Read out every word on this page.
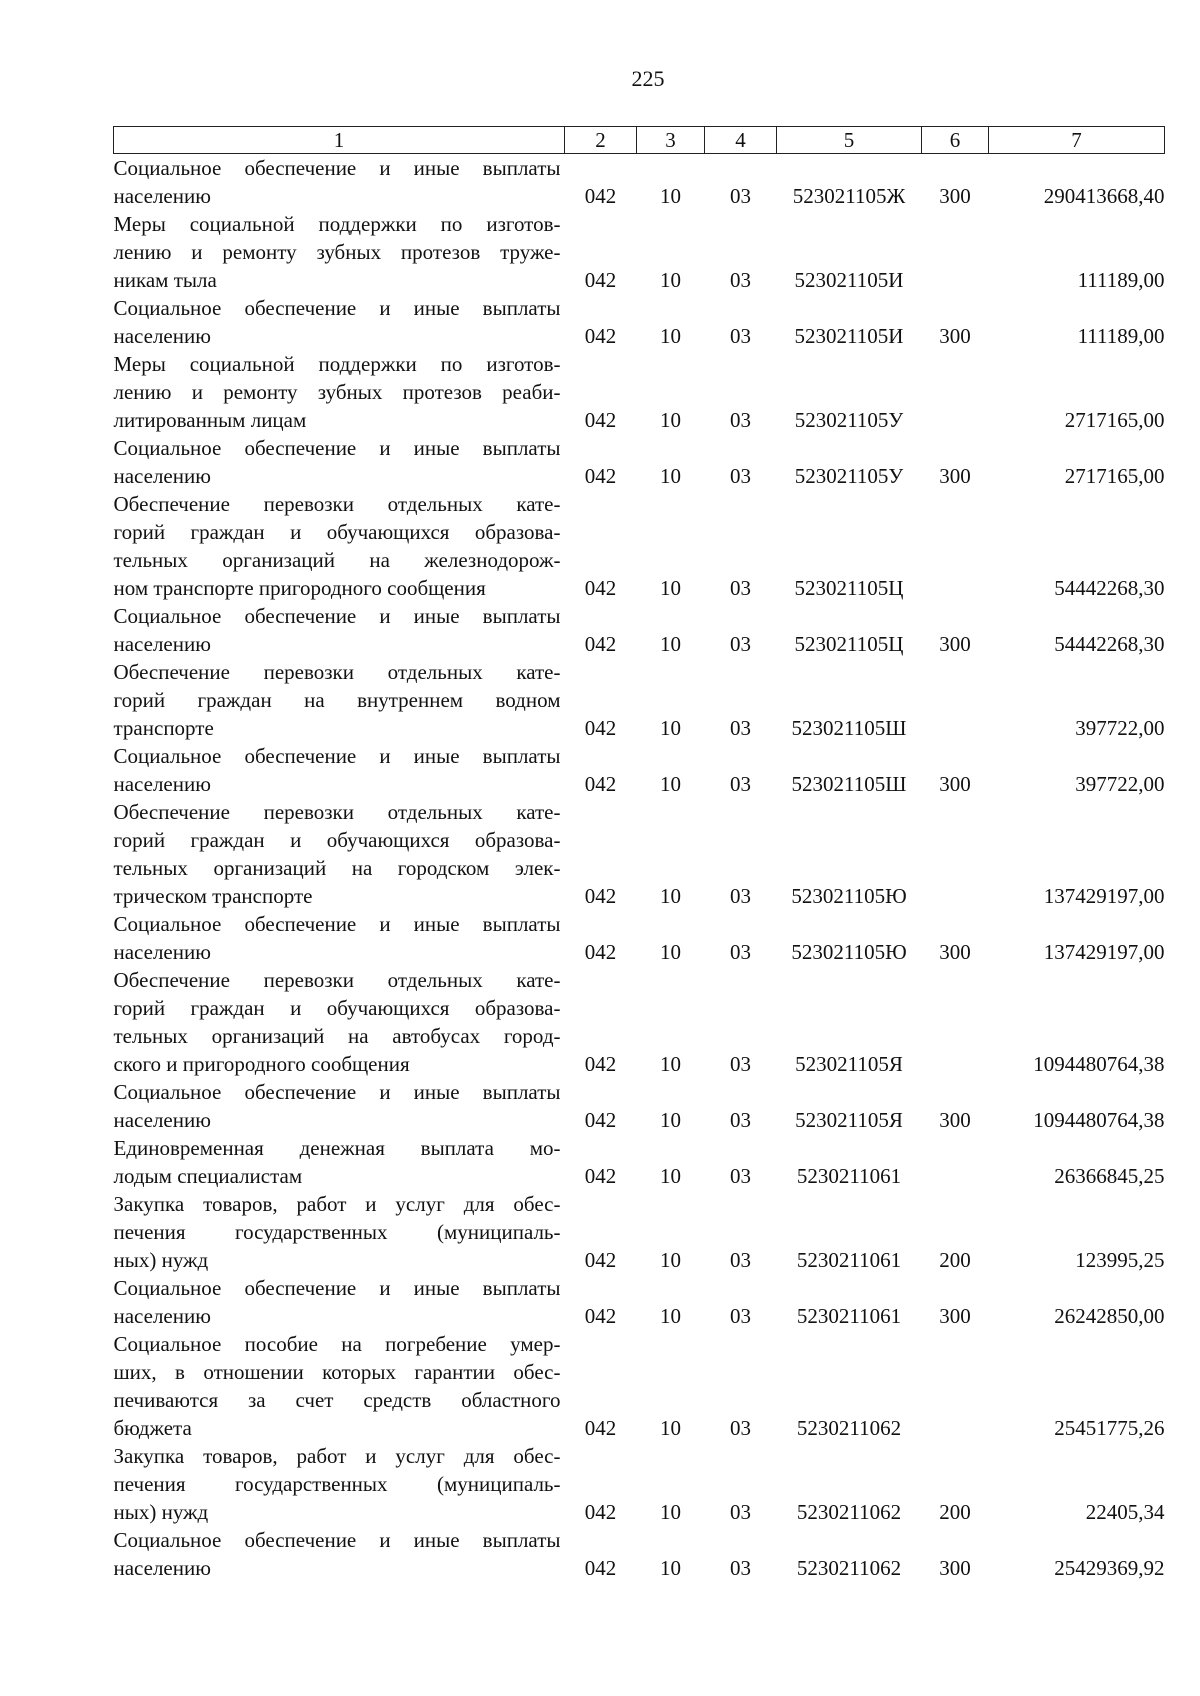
225
1	2	3	4	5	6	7

Социальное обеспечение и иные выплаты
населению	042	10	03	523021105Ж	300	290413668,40

Меры социальной поддержки по изготов-
лению и ремонту зубных протезов труже-
никам тыла	042	10	03	523021105И		111189,00

Социальное обеспечение и иные выплаты
населению	042	10	03	523021105И	300	111189,00

Меры социальной поддержки по изготов-
лению и ремонту зубных протезов реаби-
литированным лицам	042	10	03	523021105У		2717165,00

Социальное обеспечение и иные выплаты
населению	042	10	03	523021105У	300	2717165,00

Обеспечение перевозки отдельных кате-
горий граждан и обучающихся образова-
тельных организаций на железнодорож-
ном транспорте пригородного сообщения	042	10	03	523021105Ц		54442268,30

Социальное обеспечение и иные выплаты
населению	042	10	03	523021105Ц	300	54442268,30

Обеспечение перевозки отдельных кате-
горий граждан на внутреннем водном
транспорте	042	10	03	523021105Ш		397722,00

Социальное обеспечение и иные выплаты
населению	042	10	03	523021105Ш	300	397722,00

Обеспечение перевозки отдельных кате-
горий граждан и обучающихся образова-
тельных организаций на городском элек-
трическом транспорте	042	10	03	523021105Ю		137429197,00

Социальное обеспечение и иные выплаты
населению	042	10	03	523021105Ю	300	137429197,00

Обеспечение перевозки отдельных кате-
горий граждан и обучающихся образова-
тельных организаций на автобусах город-
ского и пригородного сообщения	042	10	03	523021105Я		1094480764,38

Социальное обеспечение и иные выплаты
населению	042	10	03	523021105Я	300	1094480764,38

Единовременная денежная выплата мо-
лодым специалистам	042	10	03	5230211061		26366845,25

Закупка товаров, работ и услуг для обес-
печения государственных (муниципаль-
ных) нужд	042	10	03	5230211061	200	123995,25

Социальное обеспечение и иные выплаты
населению	042	10	03	5230211061	300	26242850,00

Социальное пособие на погребение умер-
ших, в отношении которых гарантии обес-
печиваются за счет средств областного
бюджета	042	10	03	5230211062		25451775,26

Закупка товаров, работ и услуг для обес-
печения государственных (муниципаль-
ных) нужд	042	10	03	5230211062	200	22405,34

Социальное обеспечение и иные выплаты
населению	042	10	03	5230211062	300	25429369,92
